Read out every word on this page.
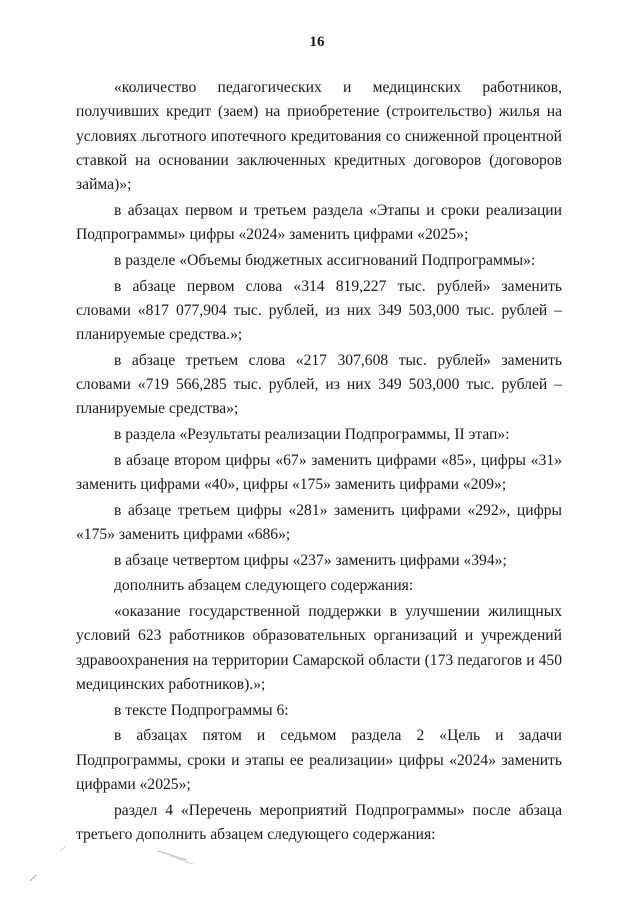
16

«количество педагогических и медицинских работников, получивших кредит (заем) на приобретение (строительство) жилья на условиях льготного ипотечного кредитования со сниженной процентной ставкой на основании заключенных кредитных договоров (договоров займа)»;

в абзацах первом и третьем раздела «Этапы и сроки реализации Подпрограммы» цифры «2024» заменить цифрами «2025»;

в разделе «Объемы бюджетных ассигнований Подпрограммы»:

в абзаце первом слова «314 819,227 тыс. рублей» заменить словами «817 077,904 тыс. рублей, из них 349 503,000 тыс. рублей – планируемые средства.»;

в абзаце третьем слова «217 307,608 тыс. рублей» заменить словами «719 566,285 тыс. рублей, из них 349 503,000 тыс. рублей – планируемые средства»;

в раздела «Результаты реализации Подпрограммы, II этап»:

в абзаце втором цифры «67» заменить цифрами «85», цифры «31» заменить цифрами «40», цифры «175» заменить цифрами «209»;

в абзаце третьем цифры «281» заменить цифрами «292», цифры «175» заменить цифрами «686»;

в абзаце четвертом цифры «237» заменить цифрами «394»;

дополнить абзацем следующего содержания:

«оказание государственной поддержки в улучшении жилищных условий 623 работников образовательных организаций и учреждений здравоохранения на территории Самарской области (173 педагогов и 450 медицинских работников).»;

в тексте Подпрограммы 6:

в абзацах пятом и седьмом раздела 2 «Цель и задачи Подпрограммы, сроки и этапы ее реализации» цифры «2024» заменить цифрами «2025»;

раздел 4 «Перечень мероприятий Подпрограммы» после абзаца третьего дополнить абзацем следующего содержания:
